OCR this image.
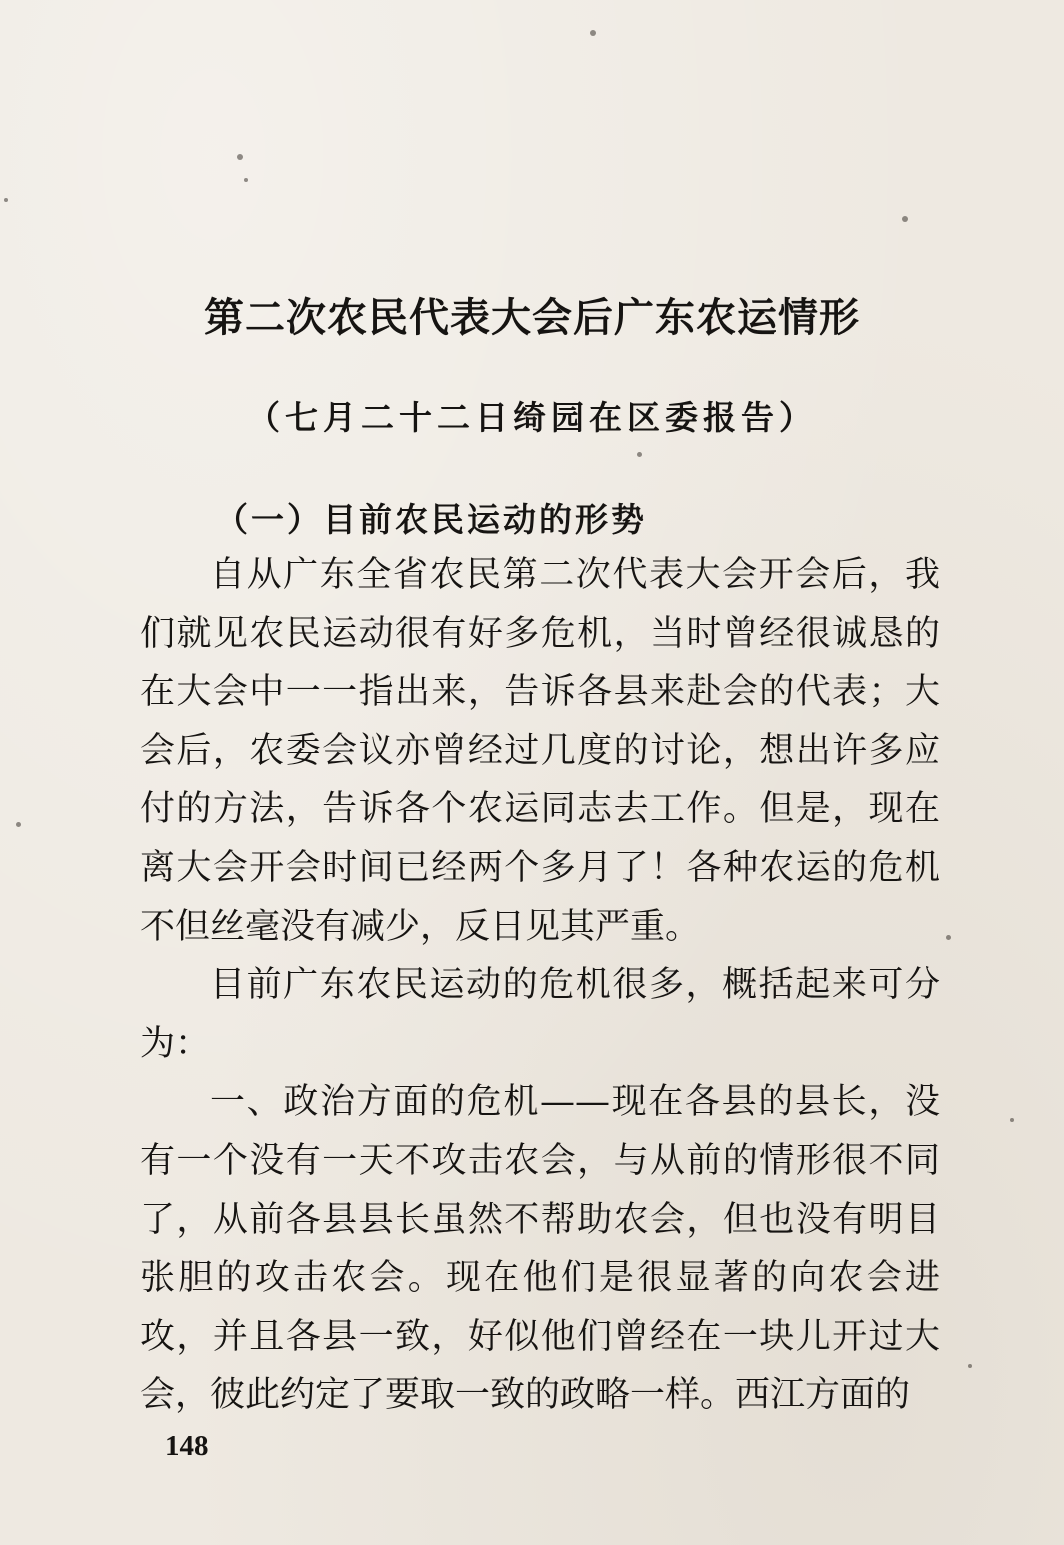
第二次农民代表大会后广东农运情形
（七月二十二日绮园在区委报告）
（一）目前农民运动的形势

自从广东全省农民第二次代表大会开会后，我们就见农民运动很有好多危机，当时曾经很诚恳的在大会中一一指出来，告诉各县来赴会的代表；大会后，农委会议亦曾经过几度的讨论，想出许多应付的方法，告诉各个农运同志去工作。但是，现在离大会开会时间已经两个多月了！各种农运的危机不但丝毫没有减少，反日见其严重。

目前广东农民运动的危机很多，概括起来可分为：

一、政治方面的危机——现在各县的县长，没有一个没有一天不攻击农会，与从前的情形很不同了，从前各县县长虽然不帮助农会，但也没有明目张胆的攻击农会。现在他们是很显著的向农会进攻，并且各县一致，好似他们曾经在一块儿开过大会，彼此约定了要取一致的政略一样。西江方面的

148
